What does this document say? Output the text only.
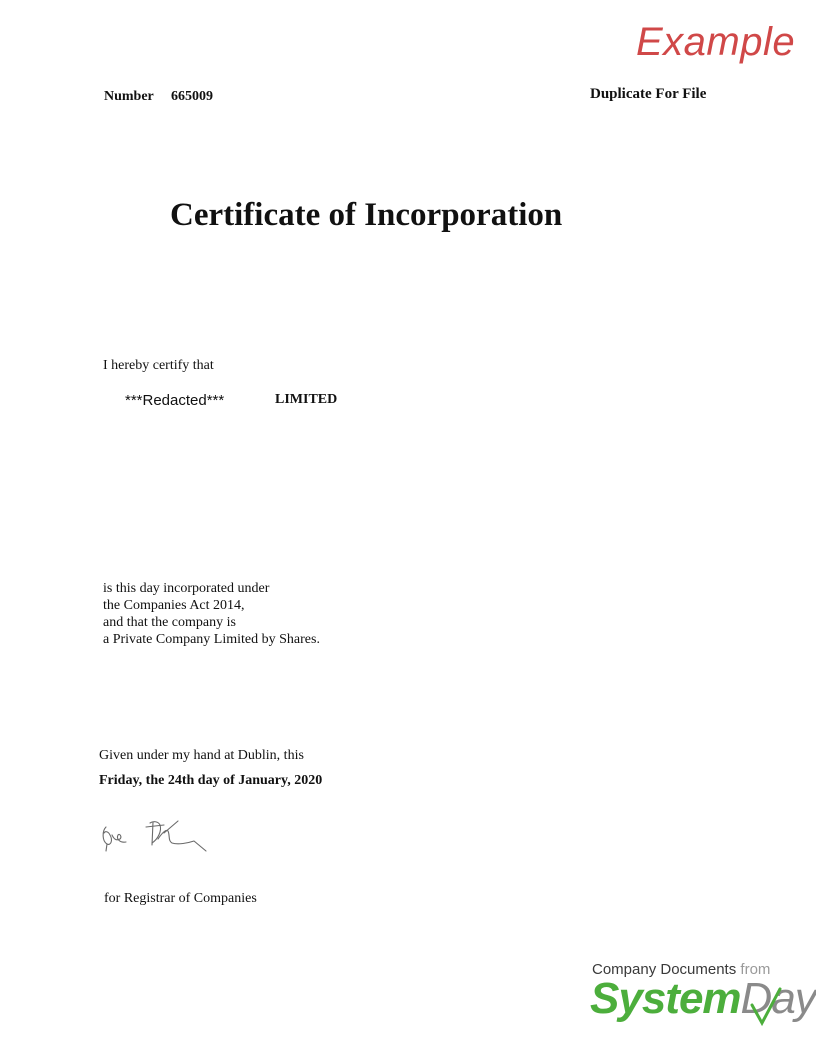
Example
Number 665009	Duplicate For File
Certificate of Incorporation
I hereby certify that
***Redacted***	LIMITED
is this day incorporated under
the Companies Act 2014,
and that the company is
a Private Company Limited by Shares.
Given under my hand at Dublin, this
Friday, the 24th day of January, 2020
for Registrar of Companies
Company Documents from
SystemDay
